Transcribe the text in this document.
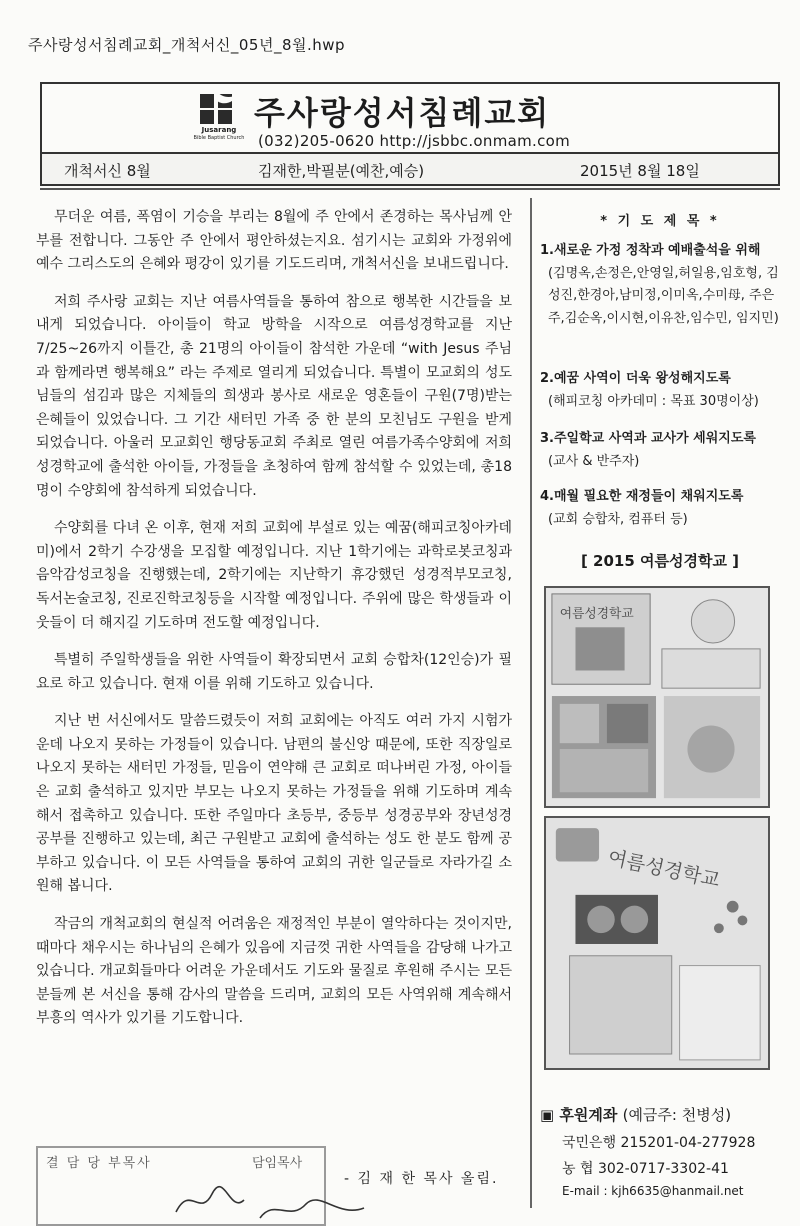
주사랑성서침례교회_개척서신_05년_8월.hwp
Jusarang
Bible Baptist Church
주사랑성서침례교회
(032)205-0620 http://jsbbc.onmam.com
개척서신 8월	김재한,박필분(예찬,예승)	2015년 8월 18일

무더운 여름, 폭염이 기승을 부리는 8월에 주 안에서 존경하는 목사님께 안부를 전합니다. 그동안 주 안에서 평안하셨는지요. 섬기시는 교회와 가정위에 예수 그리스도의 은혜와 평강이 있기를 기도드리며, 개척서신을 보내드립니다.

저희 주사랑 교회는 지난 여름사역들을 통하여 참으로 행복한 시간들을 보내게 되었습니다. 아이들이 학교 방학을 시작으로 여름성경학교를 지난 7/25~26까지 이틀간, 총 21명의 아이들이 참석한 가운데 “with Jesus 주님과 함께라면 행복해요” 라는 주제로 열리게 되었습니다. 특별이 모교회의 성도님들의 섬김과 많은 지체들의 희생과 봉사로 새로운 영혼들이 구원(7명)받는 은혜들이 있었습니다. 그 기간 새터민 가족 중 한 분의 모친님도 구원을 받게 되었습니다. 아울러 모교회인 행당동교회 주최로 열린 여름가족수양회에 저희 성경학교에 출석한 아이들, 가정들을 초청하여 함께 참석할 수 있었는데, 총18명이 수양회에 참석하게 되었습니다.

수양회를 다녀 온 이후, 현재 저희 교회에 부설로 있는 예꿈(해피코칭아카데미)에서 2학기 수강생을 모집할 예정입니다. 지난 1학기에는 과학로봇코칭과 음악감성코칭을 진행했는데, 2학기에는 지난학기 휴강했던 성경적부모코칭, 독서논술코칭, 진로진학코칭등을 시작할 예정입니다. 주위에 많은 학생들과 이웃들이 더 해지길 기도하며 전도할 예정입니다.

특별히 주일학생들을 위한 사역들이 확장되면서 교회 승합차(12인승)가 필요로 하고 있습니다. 현재 이를 위해 기도하고 있습니다.

지난 번 서신에서도 말씀드렸듯이 저희 교회에는 아직도 여러 가지 시험가운데 나오지 못하는 가정들이 있습니다. 남편의 불신앙 때문에, 또한 직장일로 나오지 못하는 새터민 가정들, 믿음이 연약해 큰 교회로 떠나버린 가정, 아이들은 교회 출석하고 있지만 부모는 나오지 못하는 가정들을 위해 기도하며 계속해서 접촉하고 있습니다. 또한 주일마다 초등부, 중등부 성경공부와 장년성경공부를 진행하고 있는데, 최근 구원받고 교회에 출석하는 성도 한 분도 함께 공부하고 있습니다. 이 모든 사역들을 통하여 교회의 귀한 일군들로 자라가길 소원해 봅니다.

작금의 개척교회의 현실적 어려움은 재정적인 부분이 열악하다는 것이지만, 때마다 채우시는 하나님의 은혜가 있음에 지금껏 귀한 사역들을 감당해 나가고 있습니다. 개교회들마다 어려운 가운데서도 기도와 물질로 후원해 주시는 모든 분들께 본 서신을 통해 감사의 말씀을 드리며, 교회의 모든 사역위해 계속해서 부흥의 역사가 있기를 기도합니다.

- 김 재 한 목사 올림.
* 기 도 제 목 *
1.새로운 가정 정착과 예배출석을 위해
(김명옥,손정은,안영일,허일용,임호형, 김성진,한경아,남미정,이미옥,수미母, 주은주,김순옥,이시현,이유찬,임수민, 임지민)
2.예꿈 사역이 더욱 왕성해지도록
(해피코칭 아카데미 : 목표 30명이상)
3.주일학교 사역과 교사가 세워지도록
(교사 & 반주자)
4.매월 필요한 재정들이 채워지도록
(교회 승합차, 컴퓨터 등)
[ 2015 여름성경학교 ]
여름성경학교
여름성경학교
▣ 후원계좌 (예금주: 천병성)
국민은행 215201-04-277928
농 협 302-0717-3302-41
E-mail : kjh6635@hanmail.net
결 담 당 부목사	담임목사
